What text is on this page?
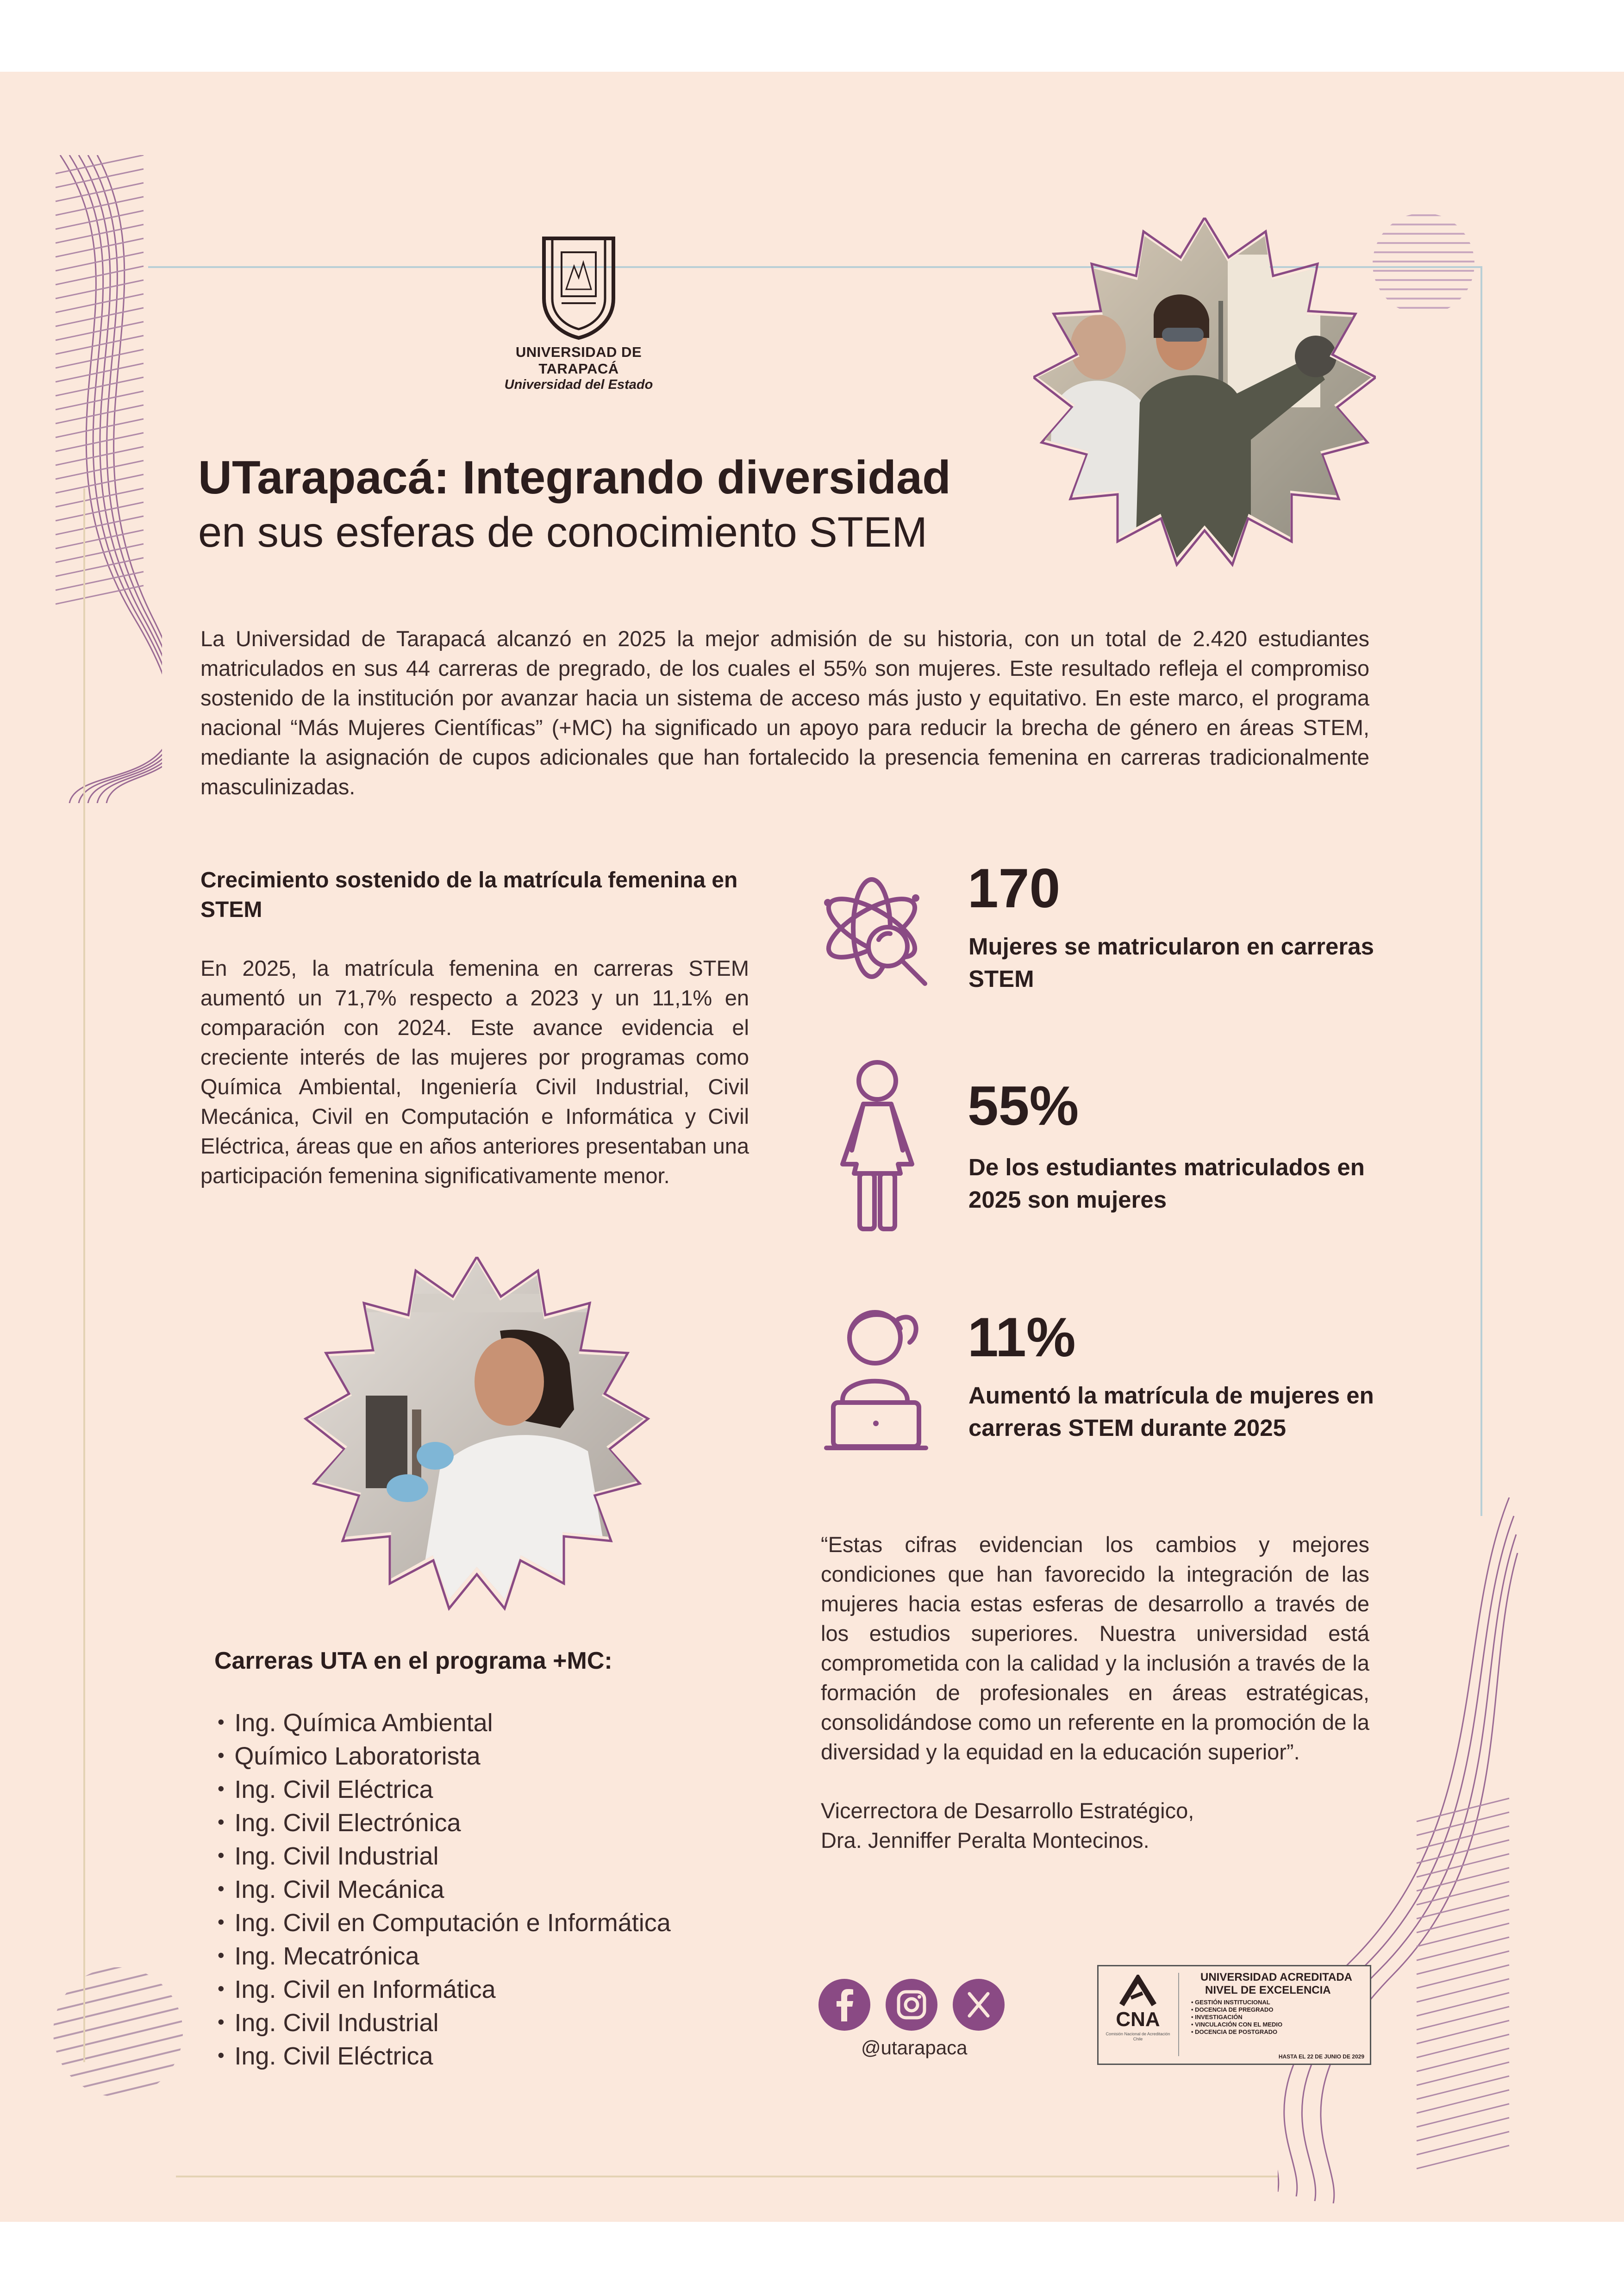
UNIVERSIDAD DE TARAPACÁ
Universidad del Estado
UTarapacá: Integrando diversidad
en sus esferas de conocimiento STEM
La Universidad de Tarapacá alcanzó en 2025 la mejor admisión de su historia, con un total de 2.420 estudiantes matriculados en sus 44 carreras de pregrado, de los cuales el 55% son mujeres. Este resultado refleja el compromiso sostenido de la institución por avanzar hacia un sistema de acceso más justo y equitativo. En este marco, el programa nacional “Más Mujeres Científicas” (+MC) ha significado un apoyo para reducir la brecha de género en áreas STEM, mediante la asignación de cupos adicionales que han fortalecido la presencia femenina en carreras tradicionalmente masculinizadas.
Crecimiento sostenido de la matrícula femenina en STEM
En 2025, la matrícula femenina en carreras STEM aumentó un 71,7% respecto a 2023 y un 11,1% en comparación con 2024. Este avance evidencia el creciente interés de las mujeres por programas como Química Ambiental, Ingeniería Civil Industrial, Civil Mecánica, Civil en Computación e Informática y Civil Eléctrica, áreas que en años anteriores presentaban una participación femenina significativamente menor.
170
Mujeres se matricularon en carreras STEM
55%
De los estudiantes matriculados en 2025 son mujeres
11%
Aumentó la matrícula de mujeres en carreras STEM durante 2025
Carreras UTA en el programa +MC:
• Ing. Química Ambiental
• Químico Laboratorista
• Ing. Civil Eléctrica
• Ing. Civil Electrónica
• Ing. Civil Industrial
• Ing. Civil Mecánica
• Ing. Civil en Computación e Informática
• Ing. Mecatrónica
• Ing. Civil en Informática
• Ing. Civil Industrial
• Ing. Civil Eléctrica
“Estas cifras evidencian los cambios y mejores condiciones que han favorecido la integración de las mujeres hacia estas esferas de desarrollo a través de los estudios superiores. Nuestra universidad está comprometida con la calidad y la inclusión a través de la formación de profesionales en áreas estratégicas, consolidándose como un referente en la promoción de la diversidad y la equidad en la educación superior”.
Vicerrectora de Desarrollo Estratégico,
Dra. Jenniffer Peralta Montecinos.
@utarapaca
CNA
Comisión Nacional de Acreditación Chile
UNIVERSIDAD ACREDITADA
NIVEL DE EXCELENCIA
• GESTIÓN INSTITUCIONAL
• DOCENCIA DE PREGRADO
• INVESTIGACIÓN
• VINCULACIÓN CON EL MEDIO
• DOCENCIA DE POSTGRADO
HASTA EL 22 DE JUNIO DE 2029
